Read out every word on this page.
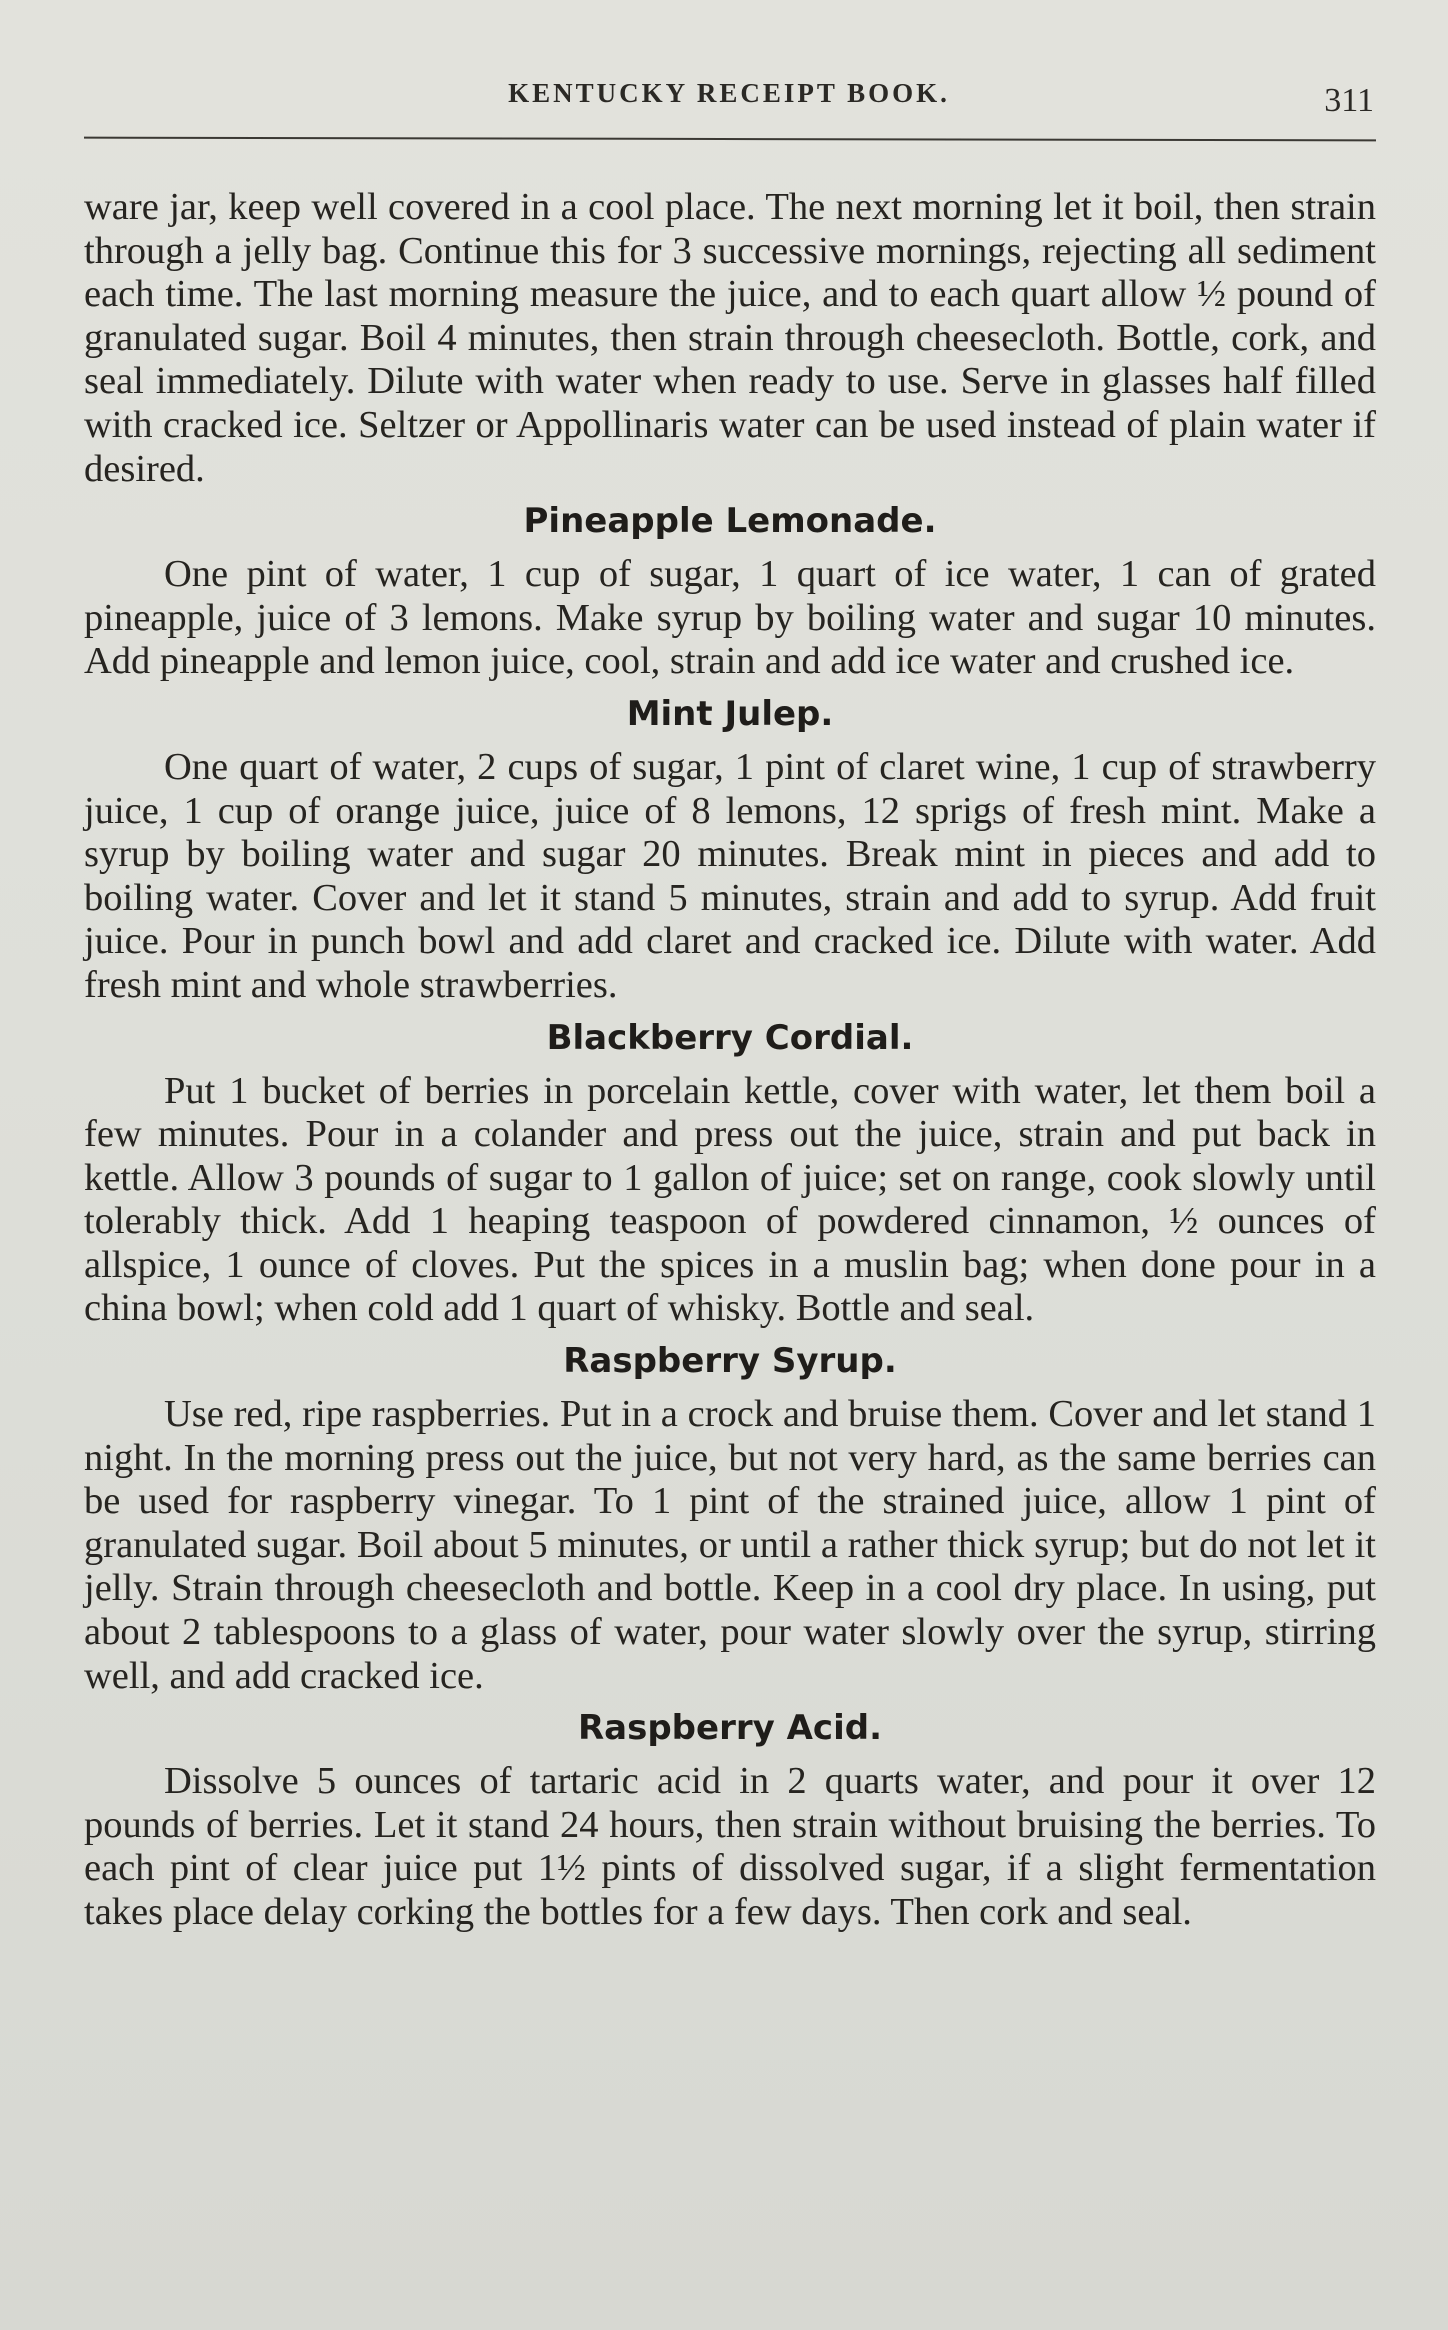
KENTUCKY RECEIPT BOOK.	311

ware jar, keep well covered in a cool place. The next morning let it boil, then strain through a jelly bag. Continue this for 3 successive mornings, rejecting all sediment each time. The last morning measure the juice, and to each quart allow ½ pound of granulated sugar. Boil 4 minutes, then strain through cheesecloth. Bottle, cork, and seal immediately. Dilute with water when ready to use. Serve in glasses half filled with cracked ice. Seltzer or Appollinaris water can be used instead of plain water if desired.

Pineapple Lemonade.

One pint of water, 1 cup of sugar, 1 quart of ice water, 1 can of grated pineapple, juice of 3 lemons. Make syrup by boiling water and sugar 10 minutes. Add pineapple and lemon juice, cool, strain and add ice water and crushed ice.

Mint Julep.

One quart of water, 2 cups of sugar, 1 pint of claret wine, 1 cup of strawberry juice, 1 cup of orange juice, juice of 8 lemons, 12 sprigs of fresh mint. Make a syrup by boiling water and sugar 20 minutes. Break mint in pieces and add to boiling water. Cover and let it stand 5 minutes, strain and add to syrup. Add fruit juice. Pour in punch bowl and add claret and cracked ice. Dilute with water. Add fresh mint and whole strawberries.

Blackberry Cordial.

Put 1 bucket of berries in porcelain kettle, cover with water, let them boil a few minutes. Pour in a colander and press out the juice, strain and put back in kettle. Allow 3 pounds of sugar to 1 gallon of juice; set on range, cook slowly until tolerably thick. Add 1 heaping teaspoon of powdered cinnamon, ½ ounces of allspice, 1 ounce of cloves. Put the spices in a muslin bag; when done pour in a china bowl; when cold add 1 quart of whisky. Bottle and seal.

Raspberry Syrup.

Use red, ripe raspberries. Put in a crock and bruise them. Cover and let stand 1 night. In the morning press out the juice, but not very hard, as the same berries can be used for raspberry vinegar. To 1 pint of the strained juice, allow 1 pint of granulated sugar. Boil about 5 minutes, or until a rather thick syrup; but do not let it jelly. Strain through cheesecloth and bottle. Keep in a cool dry place. In using, put about 2 tablespoons to a glass of water, pour water slowly over the syrup, stirring well, and add cracked ice.

Raspberry Acid.

Dissolve 5 ounces of tartaric acid in 2 quarts water, and pour it over 12 pounds of berries. Let it stand 24 hours, then strain without bruising the berries. To each pint of clear juice put 1½ pints of dissolved sugar, if a slight fermentation takes place delay corking the bottles for a few days. Then cork and seal.
